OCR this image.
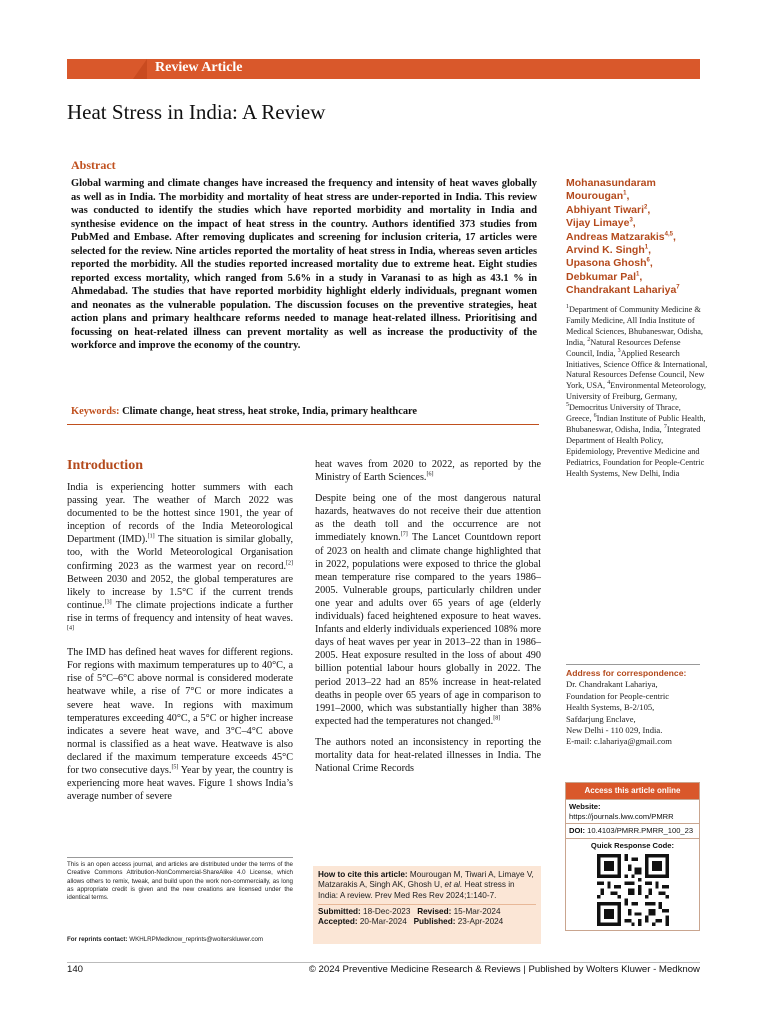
Review Article
Heat Stress in India: A Review
Abstract

Global warming and climate changes have increased the frequency and intensity of heat waves globally as well as in India. The morbidity and mortality of heat stress are under-reported in India. This review was conducted to identify the studies which have reported morbidity and mortality in India and synthesise evidence on the impact of heat stress in the country. Authors identified 373 studies from PubMed and Embase. After removing duplicates and screening for inclusion criteria, 17 articles were selected for the review. Nine articles reported the mortality of heat stress in India, whereas seven articles reported the morbidity. All the studies reported increased mortality due to extreme heat. Eight studies reported excess mortality, which ranged from 5.6% in a study in Varanasi to as high as 43.1 % in Ahmedabad. The studies that have reported morbidity highlight elderly individuals, pregnant women and neonates as the vulnerable population. The discussion focuses on the preventive strategies, heat action plans and primary healthcare reforms needed to manage heat-related illness. Prioritising and focussing on heat-related illness can prevent mortality as well as increase the productivity of the workforce and improve the economy of the country.

Keywords: Climate change, heat stress, heat stroke, India, primary healthcare
Mohanasundaram Mourougan$^1$,
Abhiyant Tiwari$^2$,
Vijay Limaye$^3$,
Andreas Matzarakis$^{4,5}$,
Arvind K. Singh$^1$,
Upasona Ghosh$^6$,
Debkumar Pal$^1$,
Chandrakant Lahariya$^7$
$^1$Department of Community Medicine & Family Medicine, All India Institute of Medical Sciences, Bhubaneswar, Odisha, India, $^2$Natural Resources Defense Council, India, $^3$Applied Research Initiatives, Science Office & International, Natural Resources Defense Council, New York, USA, $^4$Environmental Meteorology, University of Freiburg, Germany, $^5$Democritus University of Thrace, Greece, $^6$Indian Institute of Public Health, Bhubaneswar, Odisha, India, $^7$Integrated Department of Health Policy, Epidemiology, Preventive Medicine and Pediatrics, Foundation for People-Centric Health Systems, New Delhi, India
Introduction

India is experiencing hotter summers with each passing year. The weather of March 2022 was documented to be the hottest since 1901, the year of inception of records of the India Meteorological Department (IMD).[1] The situation is similar globally, too, with the World Meteorological Organisation confirming 2023 as the warmest year on record.[2] Between 2030 and 2052, the global temperatures are likely to increase by 1.5°C if the current trends continue.[3] The climate projections indicate a further rise in terms of frequency and intensity of heat waves.[4]

The IMD has defined heat waves for different regions. For regions with maximum temperatures up to 40°C, a rise of 5°C–6°C above normal is considered moderate heatwave while, a rise of 7°C or more indicates a severe heat wave. In regions with maximum temperatures exceeding 40°C, a 5°C or higher increase indicates a severe heat wave, and 3°C–4°C above normal is classified as a heat wave. Heatwave is also declared if the maximum temperature exceeds 45°C for two consecutive days.[5] Year by year, the country is experiencing more heat waves. Figure 1 shows India’s average number of severe

heat waves from 2020 to 2022, as reported by the Ministry of Earth Sciences.[6]

Despite being one of the most dangerous natural hazards, heatwaves do not receive their due attention as the death toll and the occurrence are not immediately known.[7] The Lancet Countdown report of 2023 on health and climate change highlighted that in 2022, populations were exposed to thrice the global mean temperature rise compared to the years 1986–2005. Vulnerable groups, particularly children under one year and adults over 65 years of age (elderly individuals) faced heightened exposure to heat waves. Infants and elderly individuals experienced 108% more days of heat waves per year in 2013–22 than in 1986–2005. Heat exposure resulted in the loss of about 490 billion potential labour hours globally in 2022. The period 2013–22 had an 85% increase in heat-related deaths in people over 65 years of age in comparison to 1991–2000, which was substantially higher than 38% expected had the temperatures not changed.[8]

The authors noted an inconsistency in reporting the mortality data for heat-related illnesses in India. The National Crime Records

This is an open access journal, and articles are distributed under the terms of the Creative Commons Attribution-NonCommercial-ShareAlike 4.0 License, which allows others to remix, tweak, and build upon the work non-commercially, as long as appropriate credit is given and the new creations are licensed under the identical terms.

For reprints contact: WKHLRPMedknow_reprints@wolterskluwer.com

How to cite this article: Mourougan M, Tiwari A, Limaye V, Matzarakis A, Singh AK, Ghosh U, et al. Heat stress in India: A review. Prev Med Res Rev 2024;1:140-7.
Submitted: 18-Dec-2023 Revised: 15-Mar-2024
Accepted: 20-Mar-2024 Published: 23-Apr-2024
Address for correspondence:
Dr. Chandrakant Lahariya,
Foundation for People-centric
Health Systems, B-2/105,
Safdarjung Enclave,
New Delhi - 110 029, India.
E-mail: c.lahariya@gmail.com
Access this article online
Website: https://journals.lww.com/PMRR
DOI: 10.4103/PMRR.PMRR_100_23
Quick Response Code:
140	© 2024 Preventive Medicine Research & Reviews | Published by Wolters Kluwer - Medknow
